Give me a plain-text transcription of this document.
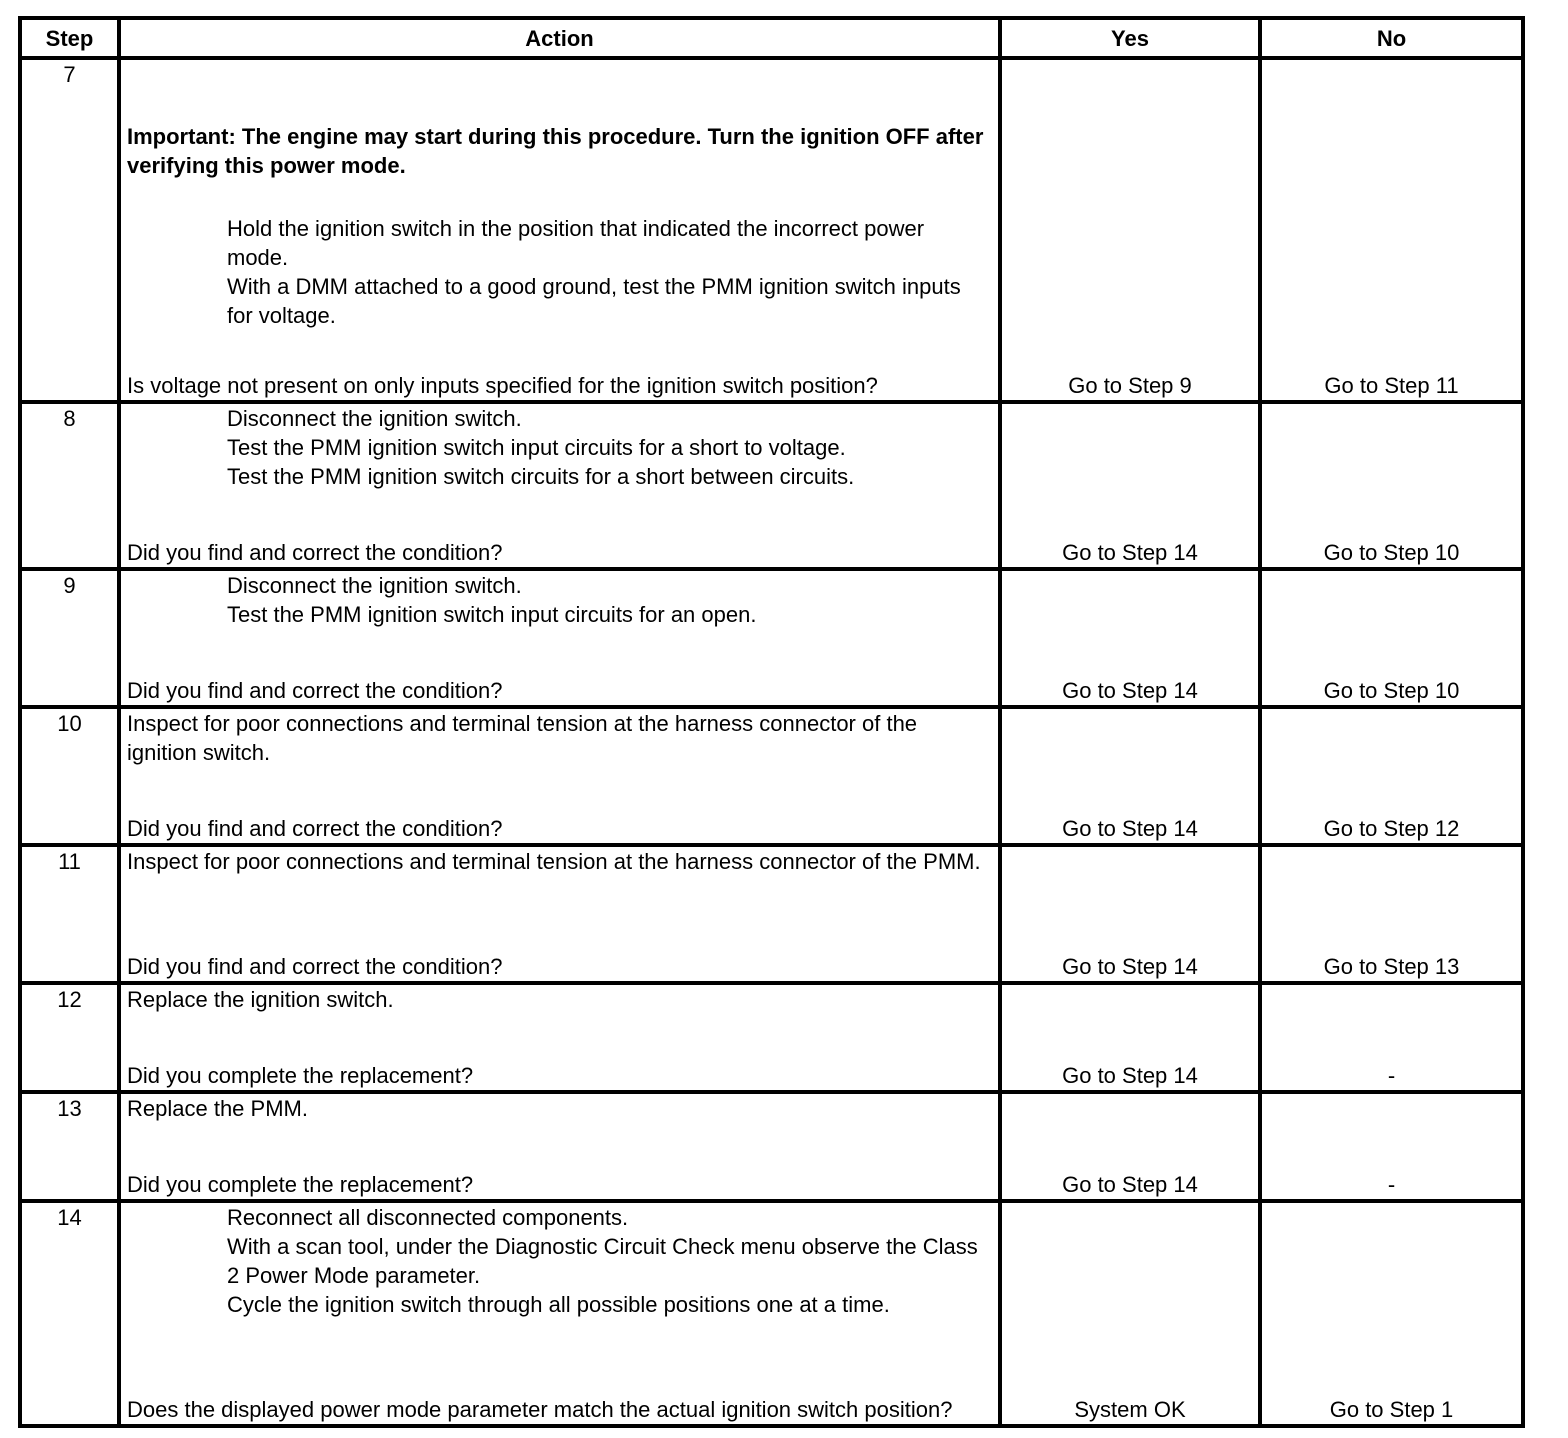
Step	Action	Yes	No
7	Important: The engine may start during this procedure. Turn the ignition OFF after verifying this power mode.
Hold the ignition switch in the position that indicated the incorrect power mode.
With a DMM attached to a good ground, test the PMM ignition switch inputs for voltage.
Is voltage not present on only inputs specified for the ignition switch position?	Go to Step 9	Go to Step 11

8	Disconnect the ignition switch.
Test the PMM ignition switch input circuits for a short to voltage.
Test the PMM ignition switch circuits for a short between circuits.
Did you find and correct the condition?	Go to Step 14	Go to Step 10

9	Disconnect the ignition switch.
Test the PMM ignition switch input circuits for an open.
Did you find and correct the condition?	Go to Step 14	Go to Step 10

10	Inspect for poor connections and terminal tension at the harness connector of the ignition switch.
Did you find and correct the condition?	Go to Step 14	Go to Step 12

11	Inspect for poor connections and terminal tension at the harness connector of the PMM.
Did you find and correct the condition?	Go to Step 14	Go to Step 13

12	Replace the ignition switch.
Did you complete the replacement?	Go to Step 14	-

13	Replace the PMM.
Did you complete the replacement?	Go to Step 14	-

14	Reconnect all disconnected components.
With a scan tool, under the Diagnostic Circuit Check menu observe the Class 2 Power Mode parameter.
Cycle the ignition switch through all possible positions one at a time.
Does the displayed power mode parameter match the actual ignition switch position?	System OK	Go to Step 1
